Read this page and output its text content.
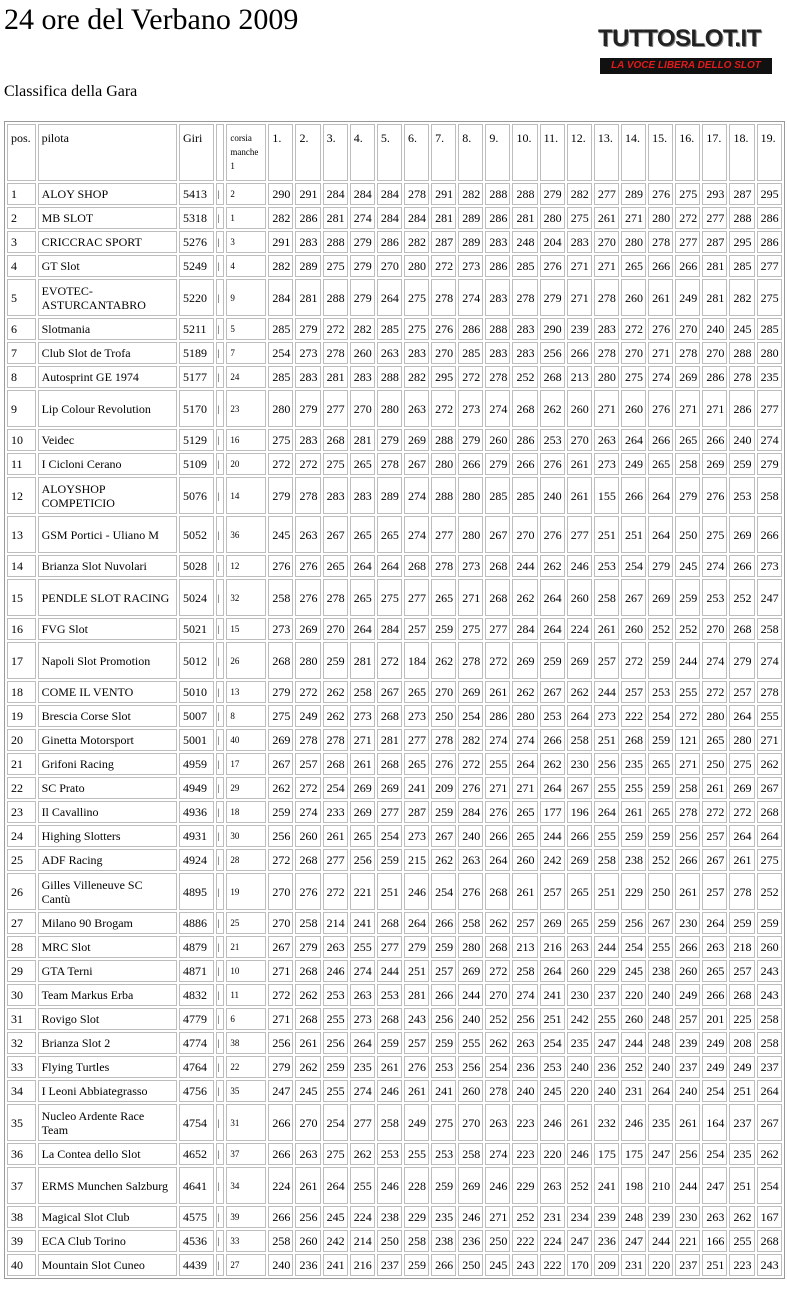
24 ore del Verbano 2009
TUTTOSLOT.IT
LA VOCE LIBERA DELLO SLOT
Classifica della Gara
pos.	pilota	Giri		corsia manche 1	1.	2.	3.	4.	5.	6.	7.	8.	9.	10.	11.	12.	13.	14.	15.	16.	17.	18.	19.
1	ALOY SHOP	5413	|	2	290	291	284	284	284	278	291	282	288	288	279	282	277	289	276	275	293	287	295
2	MB SLOT	5318	|	1	282	286	281	274	284	284	281	289	286	281	280	275	261	271	280	272	277	288	286
3	CRICCRAC SPORT	5276	|	3	291	283	288	279	286	282	287	289	283	248	204	283	270	280	278	277	287	295	286
4	GT Slot	5249	|	4	282	289	275	279	270	280	272	273	286	285	276	271	271	265	266	266	281	285	277
5	EVOTEC-ASTURCANTABRO	5220	|	9	284	281	288	279	264	275	278	274	283	278	279	271	278	260	261	249	281	282	275
6	Slotmania	5211	|	5	285	279	272	282	285	275	276	286	288	283	290	239	283	272	276	270	240	245	285
7	Club Slot de Trofa	5189	|	7	254	273	278	260	263	283	270	285	283	283	256	266	278	270	271	278	270	288	280
8	Autosprint GE 1974	5177	|	24	285	283	281	283	288	282	295	272	278	252	268	213	280	275	274	269	286	278	235
9	Lip Colour Revolution	5170	|	23	280	279	277	270	280	263	272	273	274	268	262	260	271	260	276	271	271	286	277
10	Veidec	5129	|	16	275	283	268	281	279	269	288	279	260	286	253	270	263	264	266	265	266	240	274
11	I Cicloni Cerano	5109	|	20	272	272	275	265	278	267	280	266	279	266	276	261	273	249	265	258	269	259	279
12	ALOYSHOP COMPETICIO	5076	|	14	279	278	283	283	289	274	288	280	285	285	240	261	155	266	264	279	276	253	258
13	GSM Portici - Uliano M	5052	|	36	245	263	267	265	265	274	277	280	267	270	276	277	251	251	264	250	275	269	266
14	Brianza Slot Nuvolari	5028	|	12	276	276	265	264	264	268	278	273	268	244	262	246	253	254	279	245	274	266	273
15	PENDLE SLOT RACING	5024	|	32	258	276	278	265	275	277	265	271	268	262	264	260	258	267	269	259	253	252	247
16	FVG Slot	5021	|	15	273	269	270	264	284	257	259	275	277	284	264	224	261	260	252	252	270	268	258
17	Napoli Slot Promotion	5012	|	26	268	280	259	281	272	184	262	278	272	269	259	269	257	272	259	244	274	279	274
18	COME IL VENTO	5010	|	13	279	272	262	258	267	265	270	269	261	262	267	262	244	257	253	255	272	257	278
19	Brescia Corse Slot	5007	|	8	275	249	262	273	268	273	250	254	286	280	253	264	273	222	254	272	280	264	255
20	Ginetta Motorsport	5001	|	40	269	278	278	271	281	277	278	282	274	274	266	258	251	268	259	121	265	280	271
21	Grifoni Racing	4959	|	17	267	257	268	261	268	265	276	272	255	264	262	230	256	235	265	271	250	275	262
22	SC Prato	4949	|	29	262	272	254	269	269	241	209	276	271	271	264	267	255	255	259	258	261	269	267
23	Il Cavallino	4936	|	18	259	274	233	269	277	287	259	284	276	265	177	196	264	261	265	278	272	272	268
24	Highing Slotters	4931	|	30	256	260	261	265	254	273	267	240	266	265	244	266	255	259	259	256	257	264	264
25	ADF Racing	4924	|	28	272	268	277	256	259	215	262	263	264	260	242	269	258	238	252	266	267	261	275
26	Gilles Villeneuve SC Cantù	4895	|	19	270	276	272	221	251	246	254	276	268	261	257	265	251	229	250	261	257	278	252
27	Milano 90 Brogam	4886	|	25	270	258	214	241	268	264	266	258	262	257	269	265	259	256	267	230	264	259	259
28	MRC Slot	4879	|	21	267	279	263	255	277	279	259	280	268	213	216	263	244	254	255	266	263	218	260
29	GTA Terni	4871	|	10	271	268	246	274	244	251	257	269	272	258	264	260	229	245	238	260	265	257	243
30	Team Markus Erba	4832	|	11	272	262	253	263	253	281	266	244	270	274	241	230	237	220	240	249	266	268	243
31	Rovigo Slot	4779	|	6	271	268	255	273	268	243	256	240	252	256	251	242	255	260	248	257	201	225	258
32	Brianza Slot 2	4774	|	38	256	261	256	264	259	257	259	255	262	263	254	235	247	244	248	239	249	208	258
33	Flying Turtles	4764	|	22	279	262	259	235	261	276	253	256	254	236	253	240	236	252	240	237	249	249	237
34	I Leoni Abbiategrasso	4756	|	35	247	245	255	274	246	261	241	260	278	240	245	220	240	231	264	240	254	251	264
35	Nucleo Ardente Race Team	4754	|	31	266	270	254	277	258	249	275	270	263	223	246	261	232	246	235	261	164	237	267
36	La Contea dello Slot	4652	|	37	266	263	275	262	253	255	253	258	274	223	220	246	175	175	247	256	254	235	262
37	ERMS Munchen Salzburg	4641	|	34	224	261	264	255	246	228	259	269	246	229	263	252	241	198	210	244	247	251	254
38	Magical Slot Club	4575	|	39	266	256	245	224	238	229	235	246	271	252	231	234	239	248	239	230	263	262	167
39	ECA Club Torino	4536	|	33	258	260	242	214	250	258	238	236	250	222	224	247	236	247	244	221	166	255	268
40	Mountain Slot Cuneo	4439	|	27	240	236	241	216	237	259	266	250	245	243	222	170	209	231	220	237	251	223	243
